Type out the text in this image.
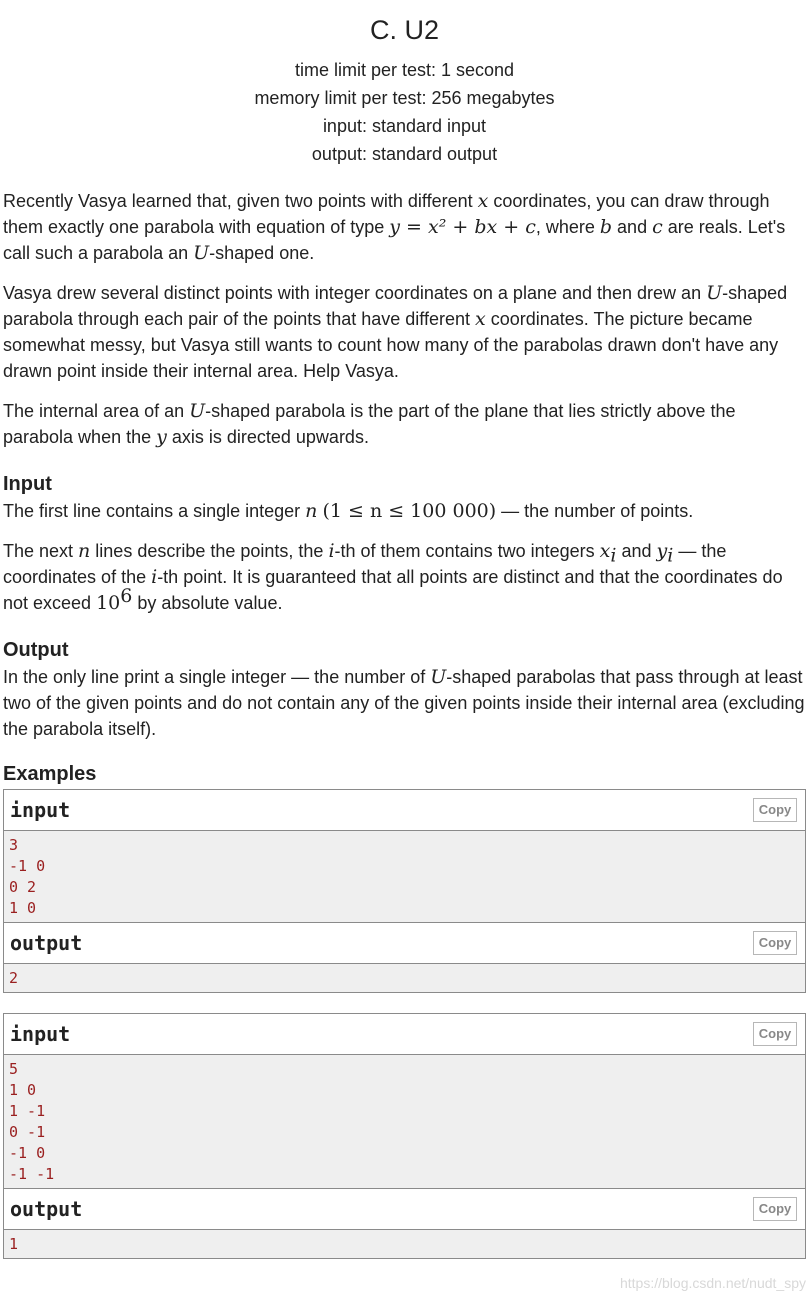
C. U2
time limit per test: 1 second
memory limit per test: 256 megabytes
input: standard input
output: standard output
Recently Vasya learned that, given two points with different x coordinates, you can draw through them exactly one parabola with equation of type y = x² + bx + c, where b and c are reals. Let's call such a parabola an U-shaped one.
Vasya drew several distinct points with integer coordinates on a plane and then drew an U-shaped parabola through each pair of the points that have different x coordinates. The picture became somewhat messy, but Vasya still wants to count how many of the parabolas drawn don't have any drawn point inside their internal area. Help Vasya.
The internal area of an U-shaped parabola is the part of the plane that lies strictly above the parabola when the y axis is directed upwards.
Input
The first line contains a single integer n (1 ≤ n ≤ 100 000) — the number of points.
The next n lines describe the points, the i-th of them contains two integers $x_i$ and $y_i$ — the coordinates of the i-th point. It is guaranteed that all points are distinct and that the coordinates do not exceed $10^6$ by absolute value.
Output
In the only line print a single integer — the number of U-shaped parabolas that pass through at least two of the given points and do not contain any of the given points inside their internal area (excluding the parabola itself).
Examples
input	Copy
3
-1 0
0 2
1 0
output	Copy
2
input	Copy
5
1 0
1 -1
0 -1
-1 0
-1 -1
output	Copy
1
https://blog.csdn.net/nudt_spy
